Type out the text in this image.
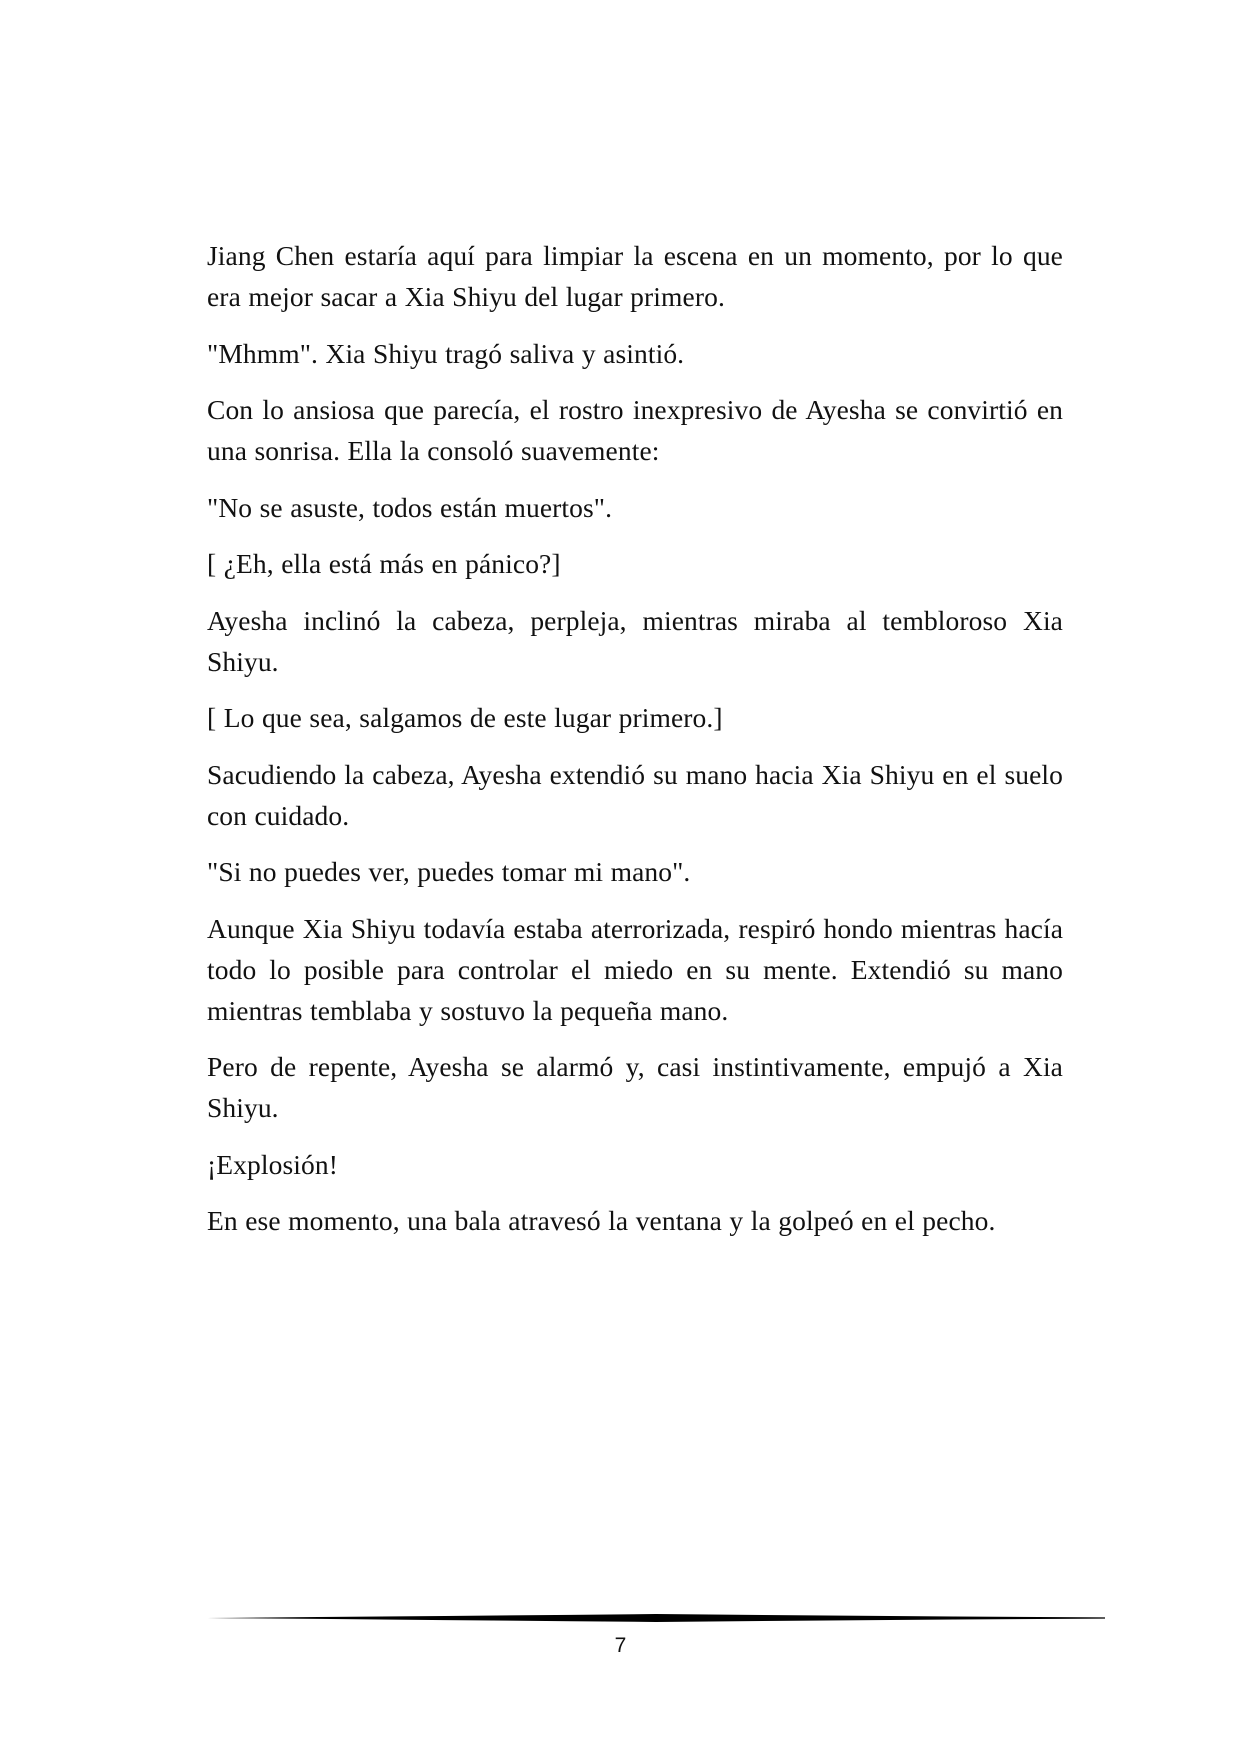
Jiang Chen estaría aquí para limpiar la escena en un momento, por lo que era mejor sacar a Xia Shiyu del lugar primero.

"Mhmm". Xia Shiyu tragó saliva y asintió.

Con lo ansiosa que parecía, el rostro inexpresivo de Ayesha se convirtió en una sonrisa. Ella la consoló suavemente:

"No se asuste, todos están muertos".

[ ¿Eh, ella está más en pánico?]

Ayesha inclinó la cabeza, perpleja, mientras miraba al tembloroso Xia Shiyu.

[ Lo que sea, salgamos de este lugar primero.]

Sacudiendo la cabeza, Ayesha extendió su mano hacia Xia Shiyu en el suelo con cuidado.

"Si no puedes ver, puedes tomar mi mano".

Aunque Xia Shiyu todavía estaba aterrorizada, respiró hondo mientras hacía todo lo posible para controlar el miedo en su mente. Extendió su mano mientras temblaba y sostuvo la pequeña mano.

Pero de repente, Ayesha se alarmó y, casi instintivamente, empujó a Xia Shiyu.

¡Explosión!

En ese momento, una bala atravesó la ventana y la golpeó en el pecho.

7
